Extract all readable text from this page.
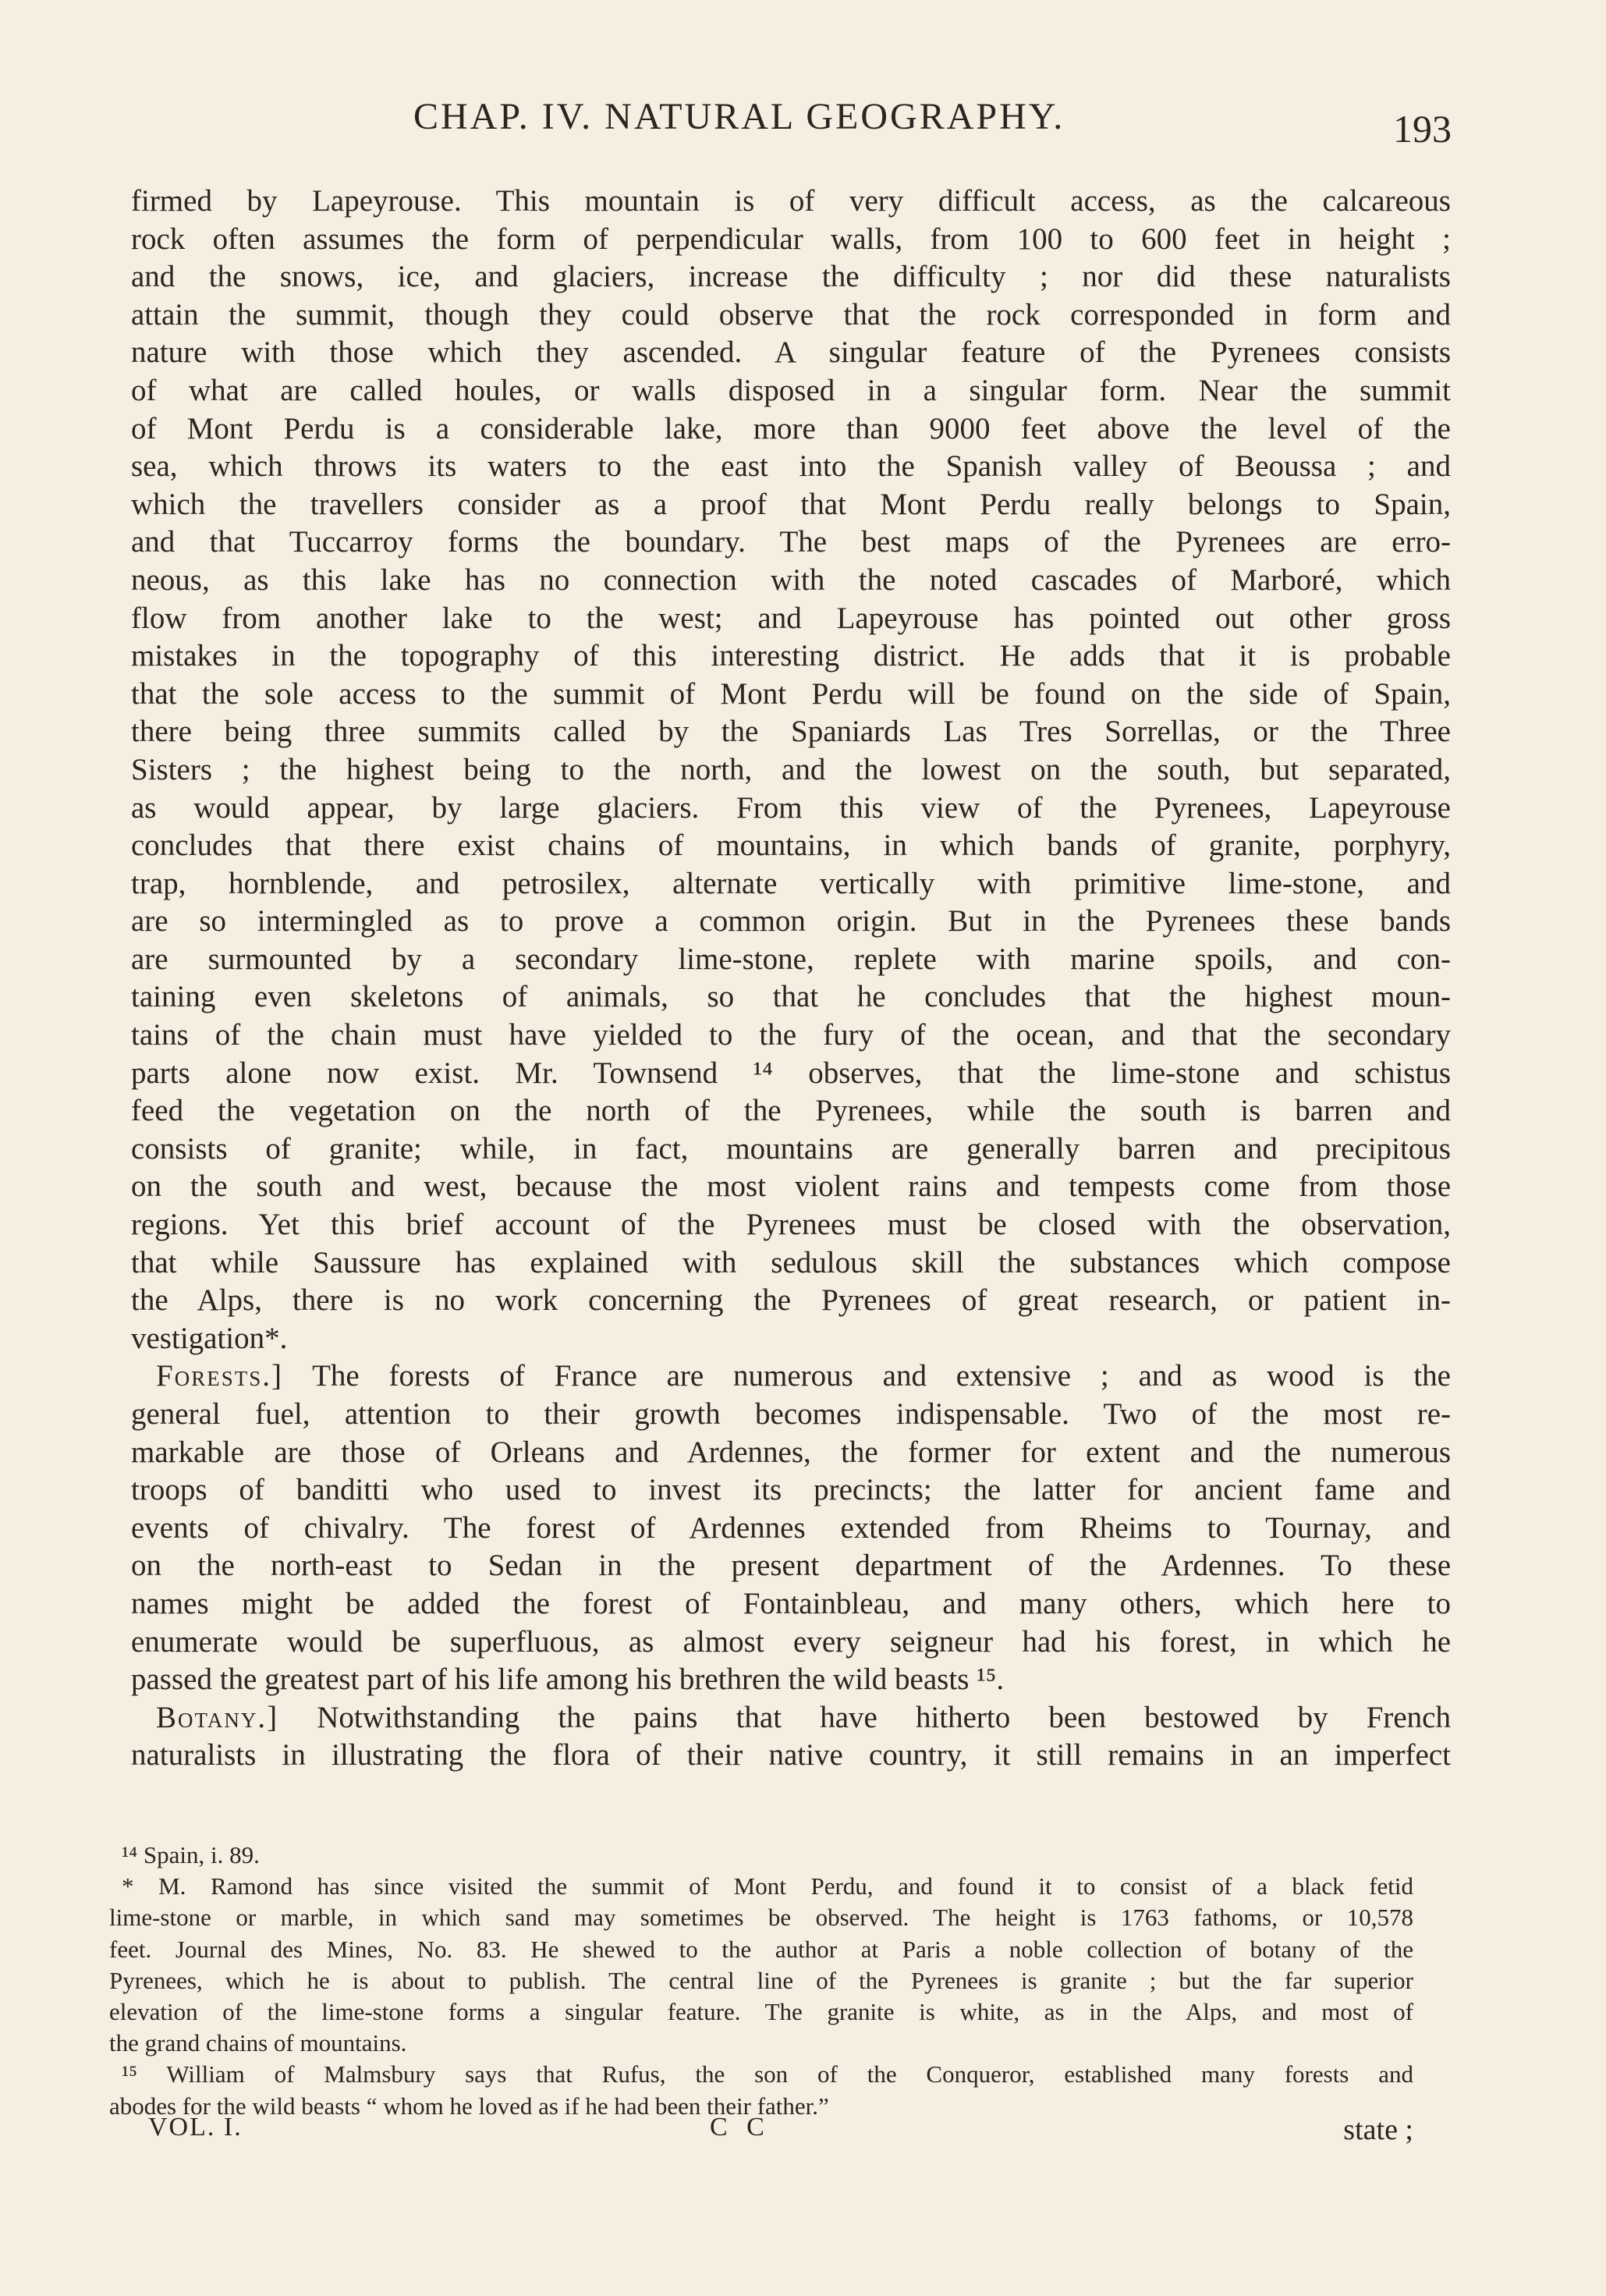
CHAP. IV. NATURAL GEOGRAPHY.	193
firmed by Lapeyrouse. This mountain is of very difficult access, as the calcareous
rock often assumes the form of perpendicular walls, from 100 to 600 feet in height ;
and the snows, ice, and glaciers, increase the difficulty ; nor did these naturalists
attain the summit, though they could observe that the rock corresponded in form and
nature with those which they ascended. A singular feature of the Pyrenees consists
of what are called houles, or walls disposed in a singular form. Near the summit
of Mont Perdu is a considerable lake, more than 9000 feet above the level of the
sea, which throws its waters to the east into the Spanish valley of Beoussa ; and
which the travellers consider as a proof that Mont Perdu really belongs to Spain,
and that Tuccarroy forms the boundary. The best maps of the Pyrenees are erro-
neous, as this lake has no connection with the noted cascades of Marboré, which
flow from another lake to the west; and Lapeyrouse has pointed out other gross
mistakes in the topography of this interesting district. He adds that it is probable
that the sole access to the summit of Mont Perdu will be found on the side of Spain,
there being three summits called by the Spaniards Las Tres Sorrellas, or the Three
Sisters ; the highest being to the north, and the lowest on the south, but separated,
as would appear, by large glaciers. From this view of the Pyrenees, Lapeyrouse
concludes that there exist chains of mountains, in which bands of granite, porphyry,
trap, hornblende, and petrosilex, alternate vertically with primitive lime-stone, and
are so intermingled as to prove a common origin. But in the Pyrenees these bands
are surmounted by a secondary lime-stone, replete with marine spoils, and con-
taining even skeletons of animals, so that he concludes that the highest moun-
tains of the chain must have yielded to the fury of the ocean, and that the secondary
parts alone now exist. Mr. Townsend ¹⁴ observes, that the lime-stone and schistus
feed the vegetation on the north of the Pyrenees, while the south is barren and
consists of granite; while, in fact, mountains are generally barren and precipitous
on the south and west, because the most violent rains and tempests come from those
regions. Yet this brief account of the Pyrenees must be closed with the observation,
that while Saussure has explained with sedulous skill the substances which compose
the Alps, there is no work concerning the Pyrenees of great research, or patient in-
vestigation*.
Forests.] The forests of France are numerous and extensive ; and as wood is the
general fuel, attention to their growth becomes indispensable. Two of the most re-
markable are those of Orleans and Ardennes, the former for extent and the numerous
troops of banditti who used to invest its precincts; the latter for ancient fame and
events of chivalry. The forest of Ardennes extended from Rheims to Tournay, and
on the north-east to Sedan in the present department of the Ardennes. To these
names might be added the forest of Fontainbleau, and many others, which here to
enumerate would be superfluous, as almost every seigneur had his forest, in which he
passed the greatest part of his life among his brethren the wild beasts ¹⁵.
Botany.] Notwithstanding the pains that have hitherto been bestowed by French
naturalists in illustrating the flora of their native country, it still remains in an imperfect
¹⁴ Spain, i. 89.
* M. Ramond has since visited the summit of Mont Perdu, and found it to consist of a black fetid
lime-stone or marble, in which sand may sometimes be observed. The height is 1763 fathoms, or 10,578
feet. Journal des Mines, No. 83. He shewed to the author at Paris a noble collection of botany of the
Pyrenees, which he is about to publish. The central line of the Pyrenees is granite ; but the far superior
elevation of the lime-stone forms a singular feature. The granite is white, as in the Alps, and most of
the grand chains of mountains.
¹⁵ William of Malmsbury says that Rufus, the son of the Conqueror, established many forests and
abodes for the wild beasts “ whom he loved as if he had been their father.”
VOL. I.	C C	state ;
